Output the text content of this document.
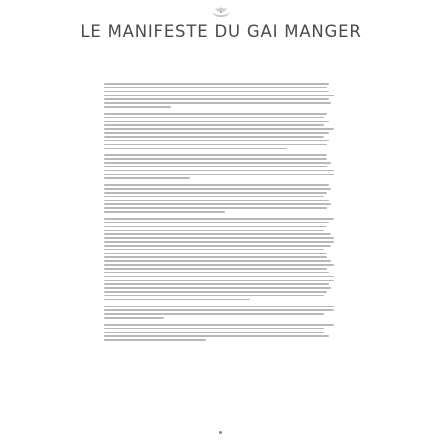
LE MANIFESTE DU GAI MANGER
